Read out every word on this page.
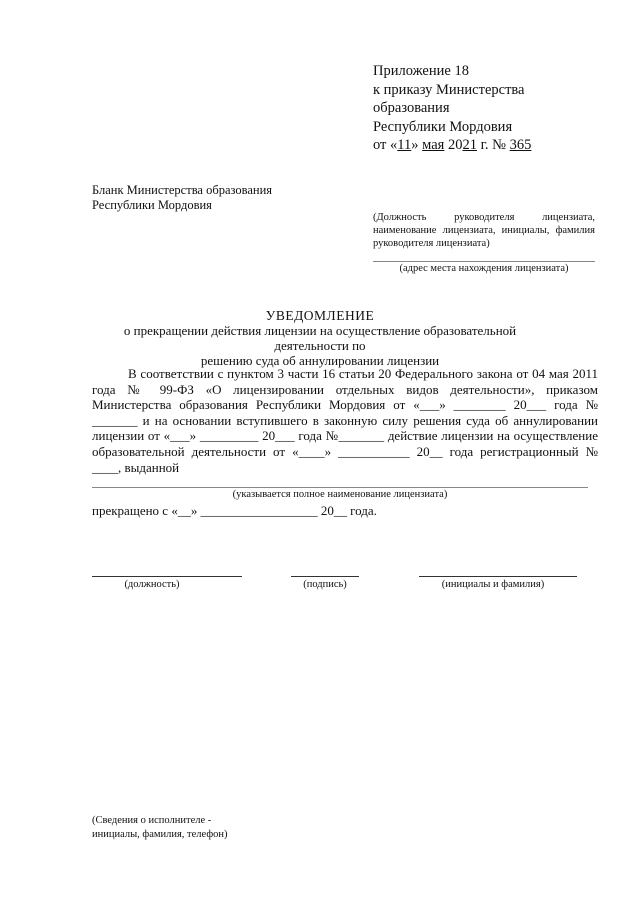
Приложение 18
к приказу Министерства
образования
Республики Мордовия
от «11» мая 2021 г. № 365
Бланк Министерства образования
Республики Мордовия
(Должность руководителя лицензиата, наименование лицензиата, инициалы, фамилия руководителя лицензиата)
(адрес места нахождения лицензиата)
УВЕДОМЛЕНИЕ
о прекращении действия лицензии на осуществление образовательной деятельности по
решению суда об аннулировании лицензии
В соответствии с пунктом 3 части 16 статьи 20 Федерального закона от 04 мая 2011 года № 99-ФЗ «О лицензировании отдельных видов деятельности», приказом Министерства образования Республики Мордовия от «___» ________ 20___ года № _______ и на основании вступившего в законную силу решения суда об аннулировании лицензии от «___» _________ 20___ года №_______ действие лицензии на осуществление образовательной деятельности от «____» ___________ 20__ года регистрационный № ____, выданной
(указывается полное наименование лицензиата)
прекращено с «__» __________________ 20__ года.
(должность)	(подпись)	(инициалы и фамилия)
(Сведения о исполнителе -
инициалы, фамилия, телефон)
